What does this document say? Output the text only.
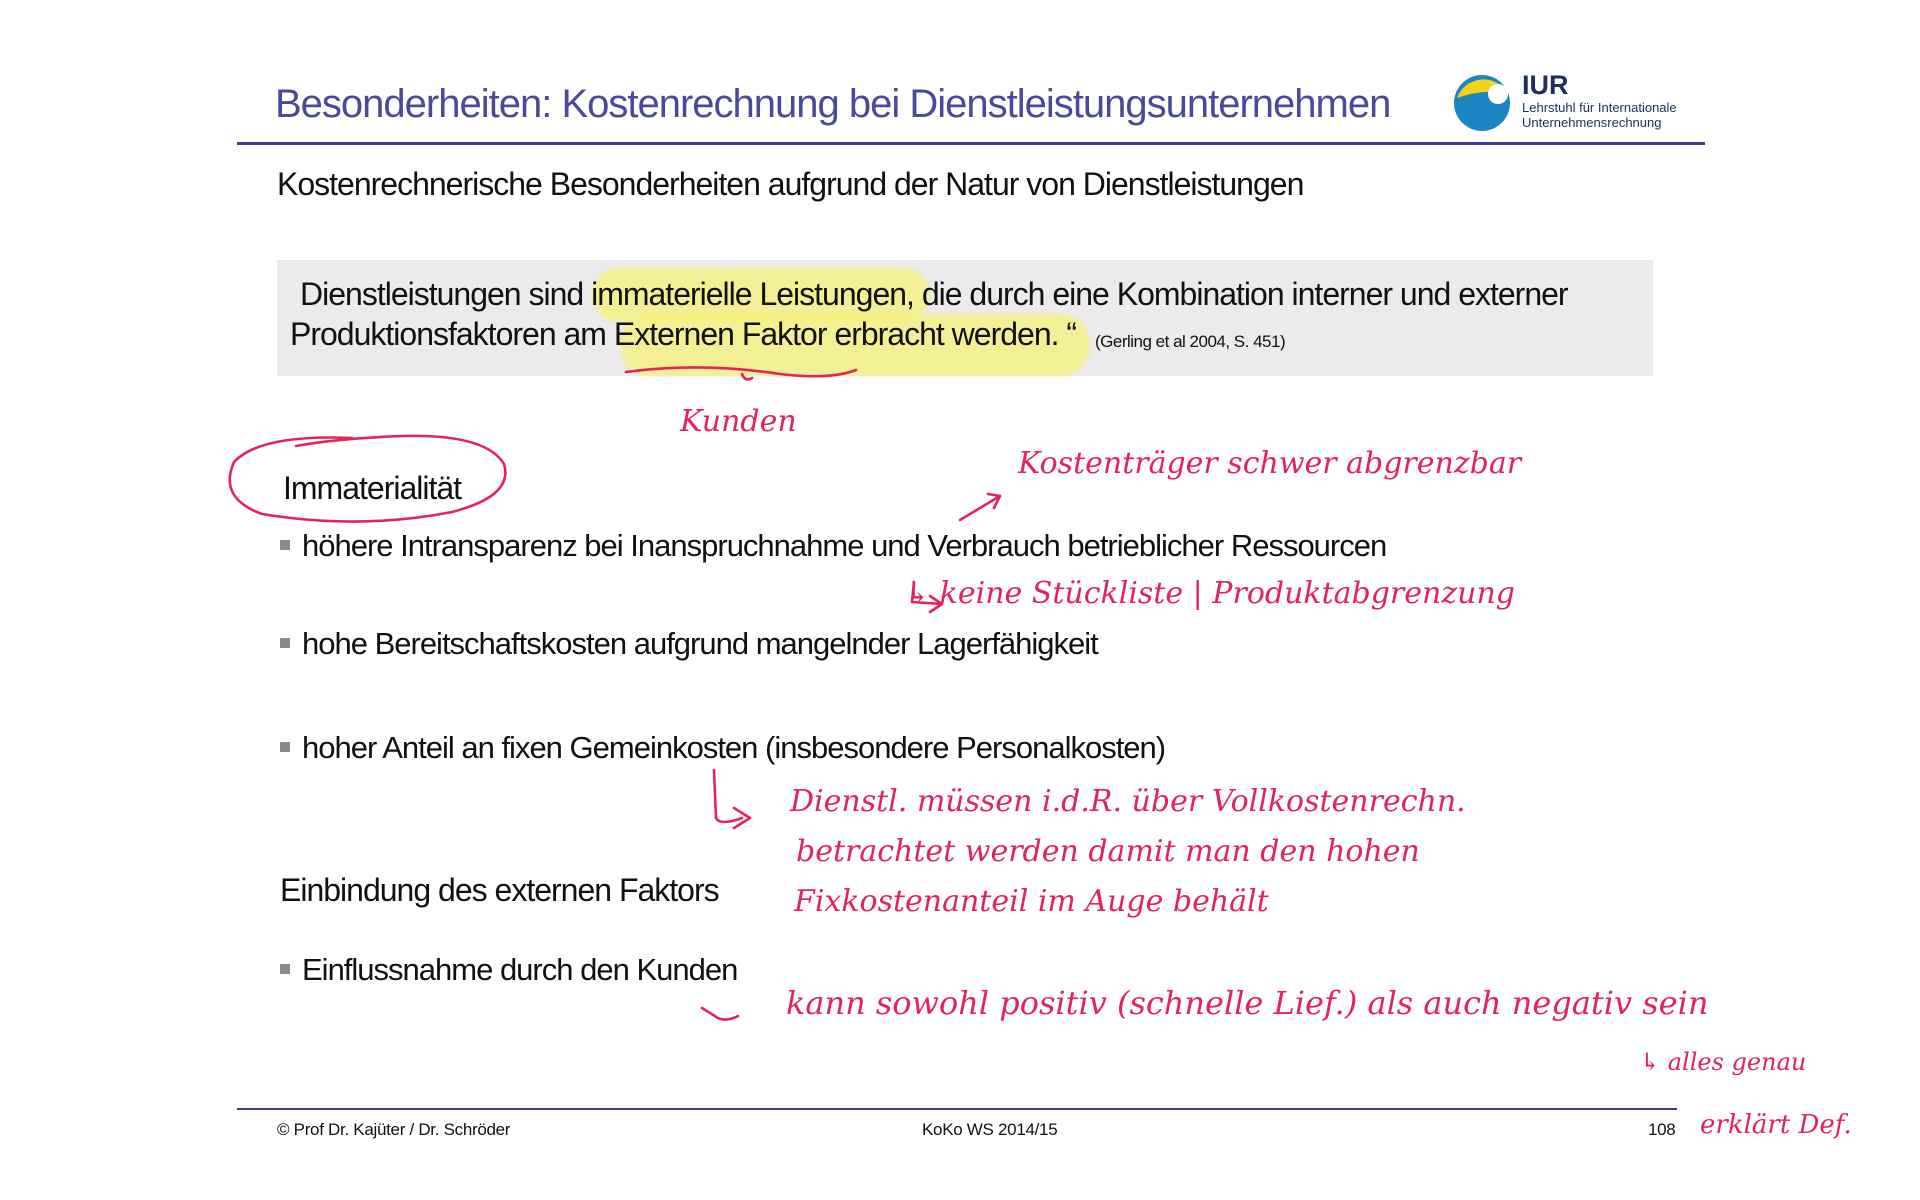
Besonderheiten: Kostenrechnung bei Dienstleistungsunternehmen	IUR
Lehrstuhl für Internationale Unternehmensrechnung
Kostenrechnerische Besonderheiten aufgrund der Natur von Dienstleistungen
Dienstleistungen sind immaterielle Leistungen, die durch eine Kombination interner und externer
Produktionsfaktoren am Externen Faktor erbracht werden. “ (Gerling et al 2004, S. 451)
Immaterialität
höhere Intransparenz bei Inanspruchnahme und Verbrauch betrieblicher Ressourcen
hohe Bereitschaftskosten aufgrund mangelnder Lagerfähigkeit
hoher Anteil an fixen Gemeinkosten (insbesondere Personalkosten)
Einbindung des externen Faktors
Einflussnahme durch den Kunden
Kunden
Kostenträger schwer abgrenzbar
↳ keine Stückliste | Produktabgrenzung
Dienstl. müssen i.d.R. über Vollkostenrechn.
betrachtet werden damit man den hohen
Fixkostenanteil im Auge behält
kann sowohl positiv (schnelle Lief.) als auch negativ sein
↳ alles genau
erklärt Def.
© Prof Dr. Kajüter / Dr. Schröder	KoKo WS 2014/15	108
